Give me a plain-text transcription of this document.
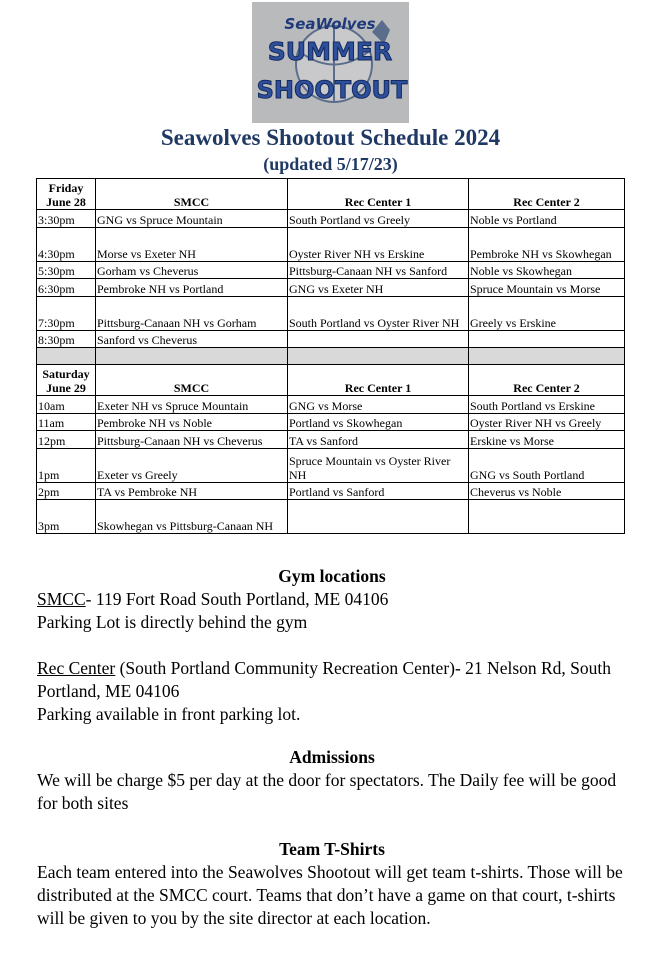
SeaWolves
SUMMER
SHOOTOUT
Seawolves Shootout Schedule 2024
(updated 5/17/23)
Friday
June 28	SMCC	Rec Center 1	Rec Center 2
3:30pm	GNG vs Spruce Mountain	South Portland vs Greely	Noble vs Portland
4:30pm	Morse vs Exeter NH	Oyster River NH vs Erskine	Pembroke NH vs Skowhegan
5:30pm	Gorham vs Cheverus	Pittsburg-Canaan NH vs Sanford	Noble vs Skowhegan
6:30pm	Pembroke NH vs Portland	GNG vs Exeter NH	Spruce Mountain vs Morse
7:30pm	Pittsburg-Canaan NH vs Gorham	South Portland vs Oyster River NH	Greely vs Erskine
8:30pm	Sanford vs Cheverus		

Saturday
June 29	SMCC	Rec Center 1	Rec Center 2
10am	Exeter NH vs Spruce Mountain	GNG vs Morse	South Portland vs Erskine
11am	Pembroke NH vs Noble	Portland vs Skowhegan	Oyster River NH vs Greely
12pm	Pittsburg-Canaan NH vs Cheverus	TA vs Sanford	Erskine vs Morse
1pm	Exeter vs Greely	Spruce Mountain vs Oyster River NH	GNG vs South Portland
2pm	TA vs Pembroke NH	Portland vs Sanford	Cheverus vs Noble
3pm	Skowhegan vs Pittsburg-Canaan NH		
Gym locations
SMCC- 119 Fort Road South Portland, ME 04106
Parking Lot is directly behind the gym
Rec Center (South Portland Community Recreation Center)- 21 Nelson Rd, South Portland, ME 04106
Parking available in front parking lot.
Admissions
We will be charge $5 per day at the door for spectators. The Daily fee will be good for both sites
Team T-Shirts
Each team entered into the Seawolves Shootout will get team t-shirts. Those will be distributed at the SMCC court. Teams that don’t have a game on that court, t-shirts will be given to you by the site director at each location.
